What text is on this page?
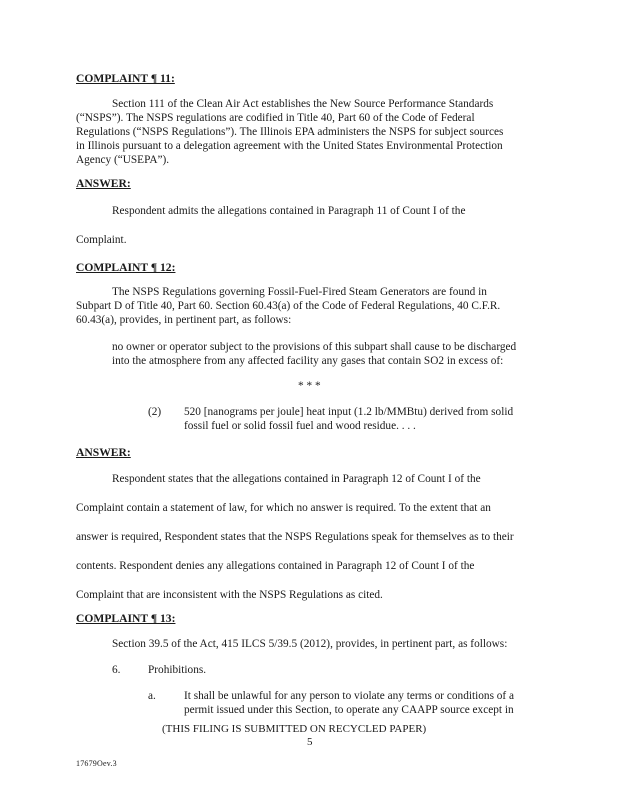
COMPLAINT ¶ 11:
Section 111 of the Clean Air Act establishes the New Source Performance Standards
(“NSPS”). The NSPS regulations are codified in Title 40, Part 60 of the Code of Federal
Regulations (“NSPS Regulations”). The Illinois EPA administers the NSPS for subject sources
in Illinois pursuant to a delegation agreement with the United States Environmental Protection
Agency (“USEPA”).
ANSWER:
Respondent admits the allegations contained in Paragraph 11 of Count I of the
Complaint.
COMPLAINT ¶ 12:
The NSPS Regulations governing Fossil-Fuel-Fired Steam Generators are found in
Subpart D of Title 40, Part 60. Section 60.43(a) of the Code of Federal Regulations, 40 C.F.R.
60.43(a), provides, in pertinent part, as follows:
no owner or operator subject to the provisions of this subpart shall cause to be discharged
into the atmosphere from any affected facility any gases that contain SO2 in excess of:
* * *
(2) 520 [nanograms per joule] heat input (1.2 lb/MMBtu) derived from solid
fossil fuel or solid fossil fuel and wood residue. . . .
ANSWER:
Respondent states that the allegations contained in Paragraph 12 of Count I of the
Complaint contain a statement of law, for which no answer is required. To the extent that an
answer is required, Respondent states that the NSPS Regulations speak for themselves as to their
contents. Respondent denies any allegations contained in Paragraph 12 of Count I of the
Complaint that are inconsistent with the NSPS Regulations as cited.
COMPLAINT ¶ 13:
Section 39.5 of the Act, 415 ILCS 5/39.5 (2012), provides, in pertinent part, as follows:
6. Prohibitions.
a. It shall be unlawful for any person to violate any terms or conditions of a
permit issued under this Section, to operate any CAAPP source except in
(THIS FILING IS SUBMITTED ON RECYCLED PAPER)
5
17679Oev.3
